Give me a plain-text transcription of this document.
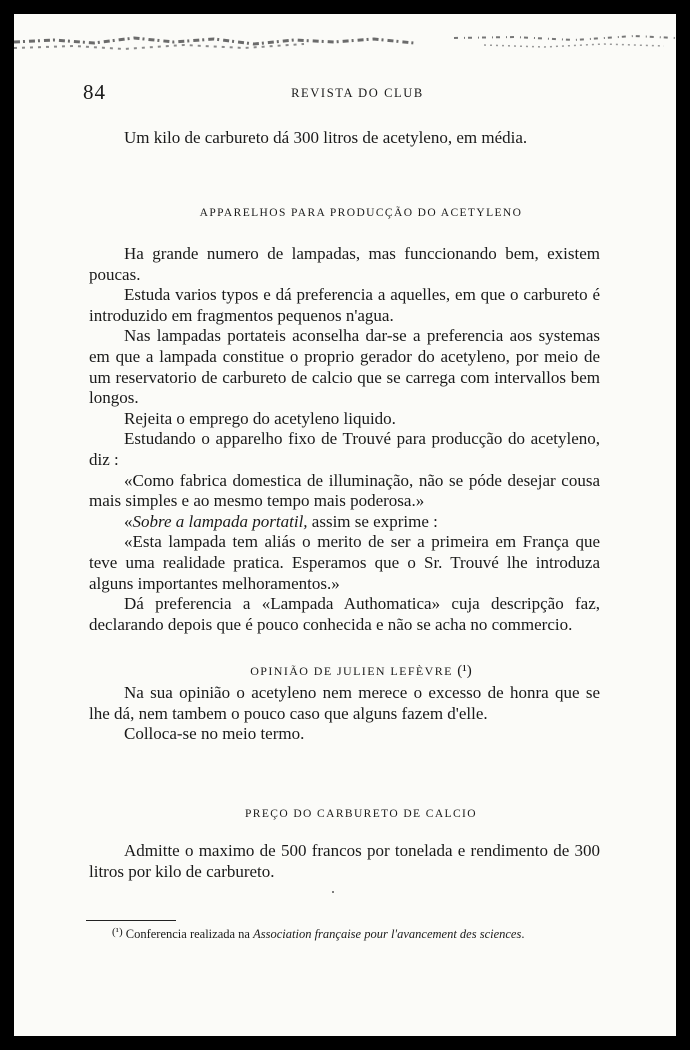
84	REVISTA DO CLUB

Um kilo de carbureto dá 300 litros de acetyleno, em média.

APPARELHOS PARA PRODUCÇÃO DO ACETYLENO

Ha grande numero de lampadas, mas funccionando bem, existem poucas.

Estuda varios typos e dá preferencia a aquelles, em que o carbureto é introduzido em fragmentos pequenos n'agua.

Nas lampadas portateis aconselha dar-se a preferencia aos systemas em que a lampada constitue o proprio gerador do acetyleno, por meio de um reservatorio de carbureto de calcio que se carrega com intervallos bem longos.

Rejeita o emprego do acetyleno liquido.

Estudando o apparelho fixo de Trouvé para producção do acetyleno, diz :

«Como fabrica domestica de illuminação, não se póde desejar cousa mais simples e ao mesmo tempo mais poderosa.»

«Sobre a lampada portatil, assim se exprime :

«Esta lampada tem aliás o merito de ser a primeira em França que teve uma realidade pratica. Esperamos que o Sr. Trouvé lhe introduza alguns importantes melhoramentos.»

Dá preferencia a «Lampada Authomatica» cuja descripção faz, declarando depois que é pouco conhecida e não se acha no commercio.

OPINIÃO DE JULIEN LEFÈVRE (¹)

Na sua opinião o acetyleno nem merece o excesso de honra que se lhe dá, nem tambem o pouco caso que alguns fazem d'elle.

Colloca-se no meio termo.

PREÇO DO CARBURETO DE CALCIO

Admitte o maximo de 500 francos por tonelada e rendimento de 300 litros por kilo de carbureto.

(¹) Conferencia realizada na Association française pour l'avancement des sciences.
